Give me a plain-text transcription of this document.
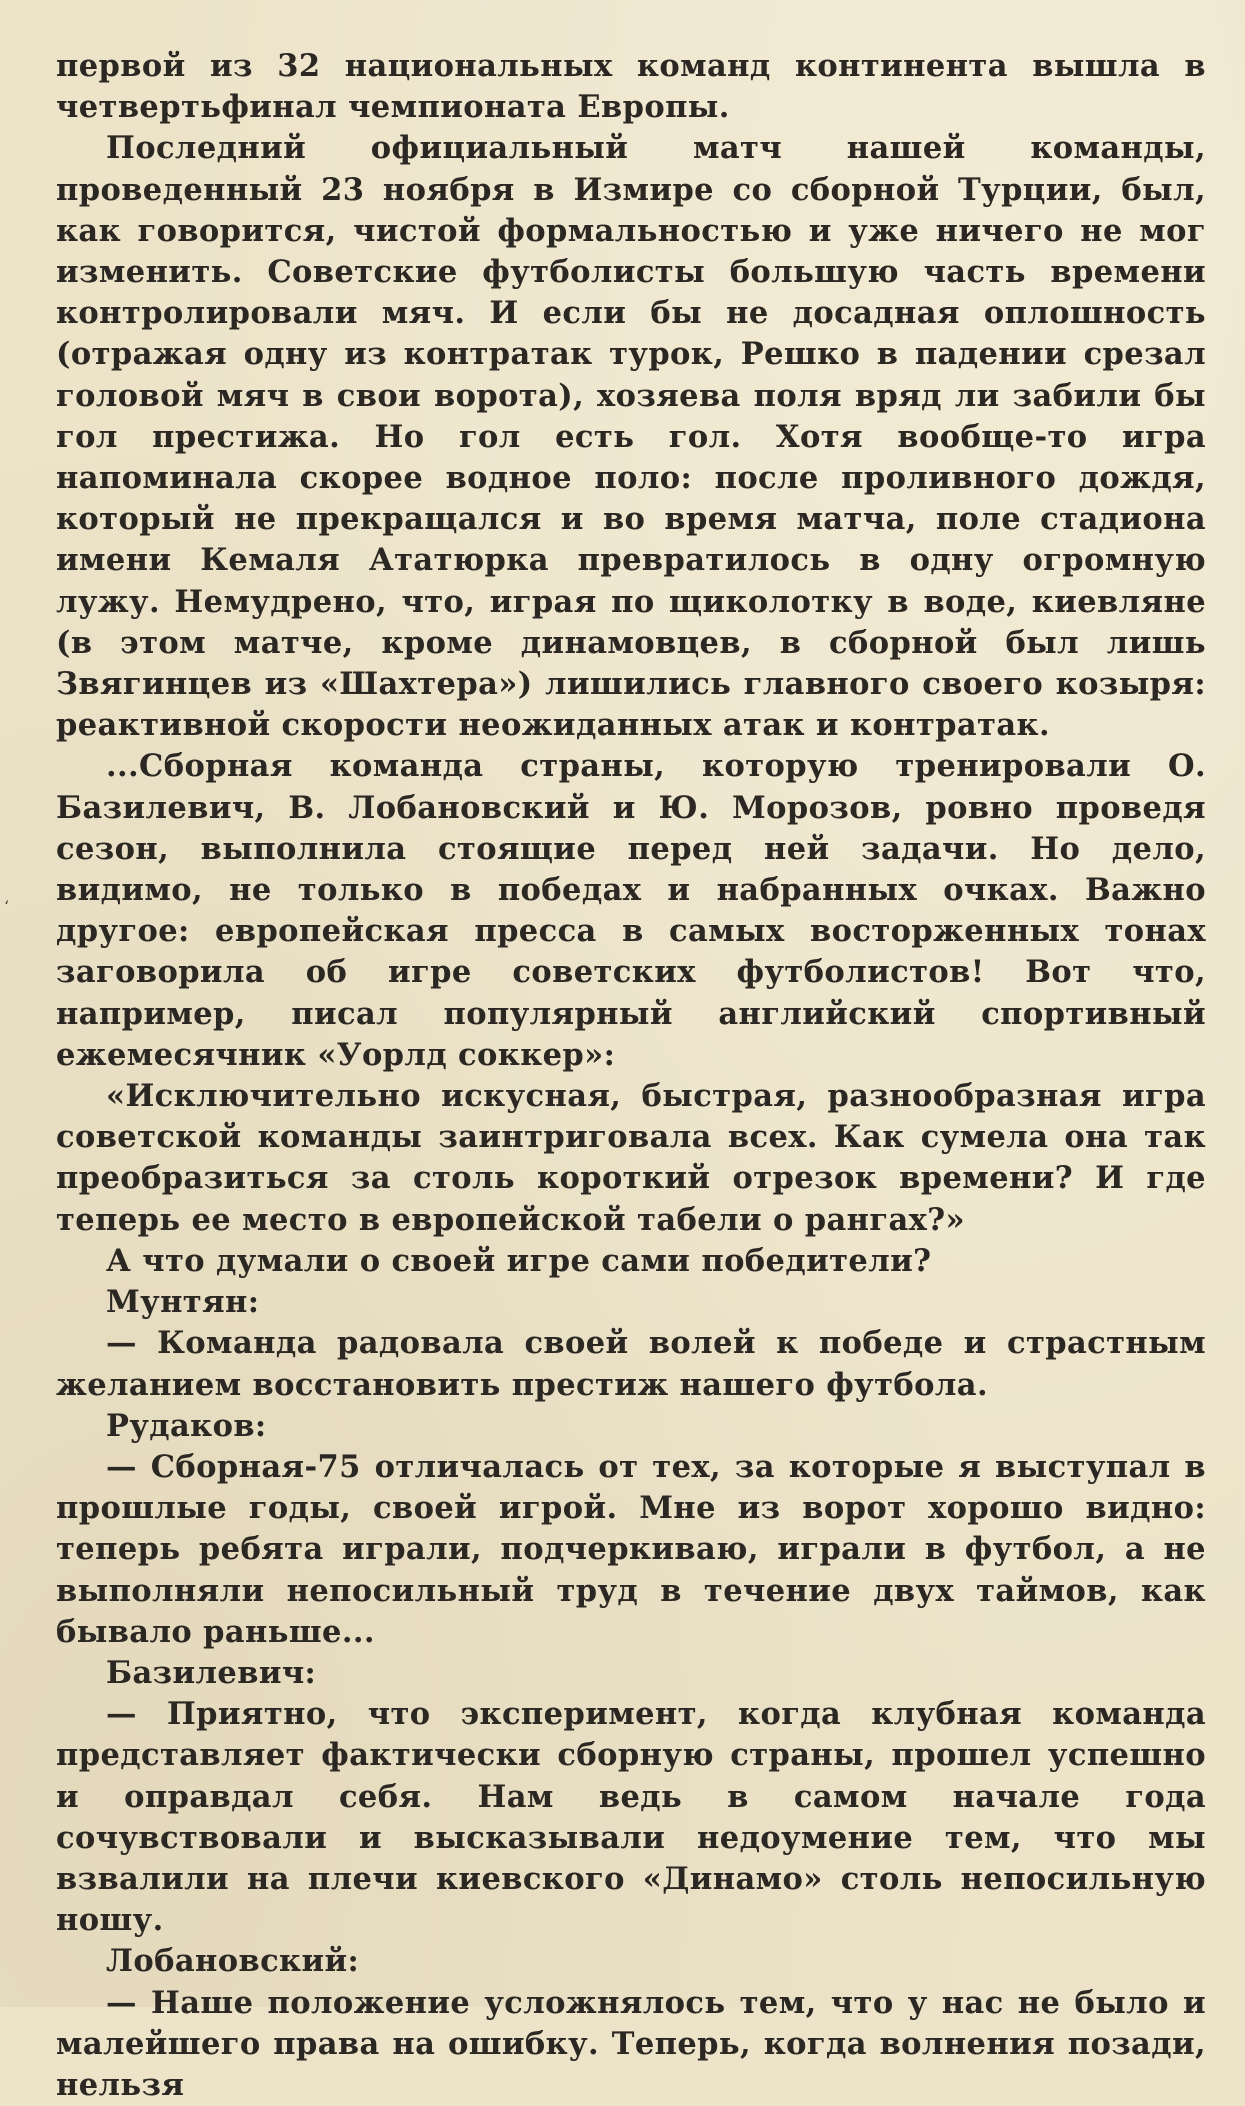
‘

первой из 32 национальных команд континента вышла в четвертьфинал чемпионата Европы.

Последний официальный матч нашей команды, проведенный 23 ноября в Измире со сборной Турции, был, как говорится, чистой формальностью и уже ничего не мог изменить. Советские футболисты большую часть времени контролировали мяч. И если бы не досадная оплошность (отражая одну из контратак турок, Решко в падении срезал головой мяч в свои ворота), хозяева поля вряд ли забили бы гол престижа. Но гол есть гол. Хотя вообще-то игра напоминала скорее водное поло: после проливного дождя, который не прекращался и во время матча, поле стадиона имени Кемаля Ататюрка превратилось в одну огромную лужу. Немудрено, что, играя по щиколотку в воде, киевляне (в этом матче, кроме динамовцев, в сборной был лишь Звягинцев из «Шахтера») лишились главного своего козыря: реактивной скорости неожиданных атак и контратак.

...Сборная команда страны, которую тренировали О. Базилевич, В. Лобановский и Ю. Морозов, ровно проведя сезон, выполнила стоящие перед ней задачи. Но дело, видимо, не только в победах и набранных очках. Важно другое: европейская пресса в самых восторженных тонах заговорила об игре советских футболистов! Вот что, например, писал популярный английский спортивный ежемесячник «Уорлд соккер»:

«Исключительно искусная, быстрая, разнообразная игра советской команды заинтриговала всех. Как сумела она так преобразиться за столь короткий отрезок времени? И где теперь ее место в европейской табели о рангах?»

А что думали о своей игре сами победители?

Мунтян:

— Команда радовала своей волей к победе и страстным желанием восстановить престиж нашего футбола.

Рудаков:

— Сборная-75 отличалась от тех, за которые я выступал в прошлые годы, своей игрой. Мне из ворот хорошо видно: теперь ребята играли, подчеркиваю, играли в футбол, а не выполняли непосильный труд в течение двух таймов, как бывало раньше...

Базилевич:

— Приятно, что эксперимент, когда клубная команда представляет фактически сборную страны, прошел успешно и оправдал себя. Нам ведь в самом начале года сочувствовали и высказывали недоумение тем, что мы взвалили на плечи киевского «Динамо» столь непосильную ношу.

Лобановский:

— Наше положение усложнялось тем, что у нас не было и малейшего права на ошибку. Теперь, когда волнения позади, нельзя
